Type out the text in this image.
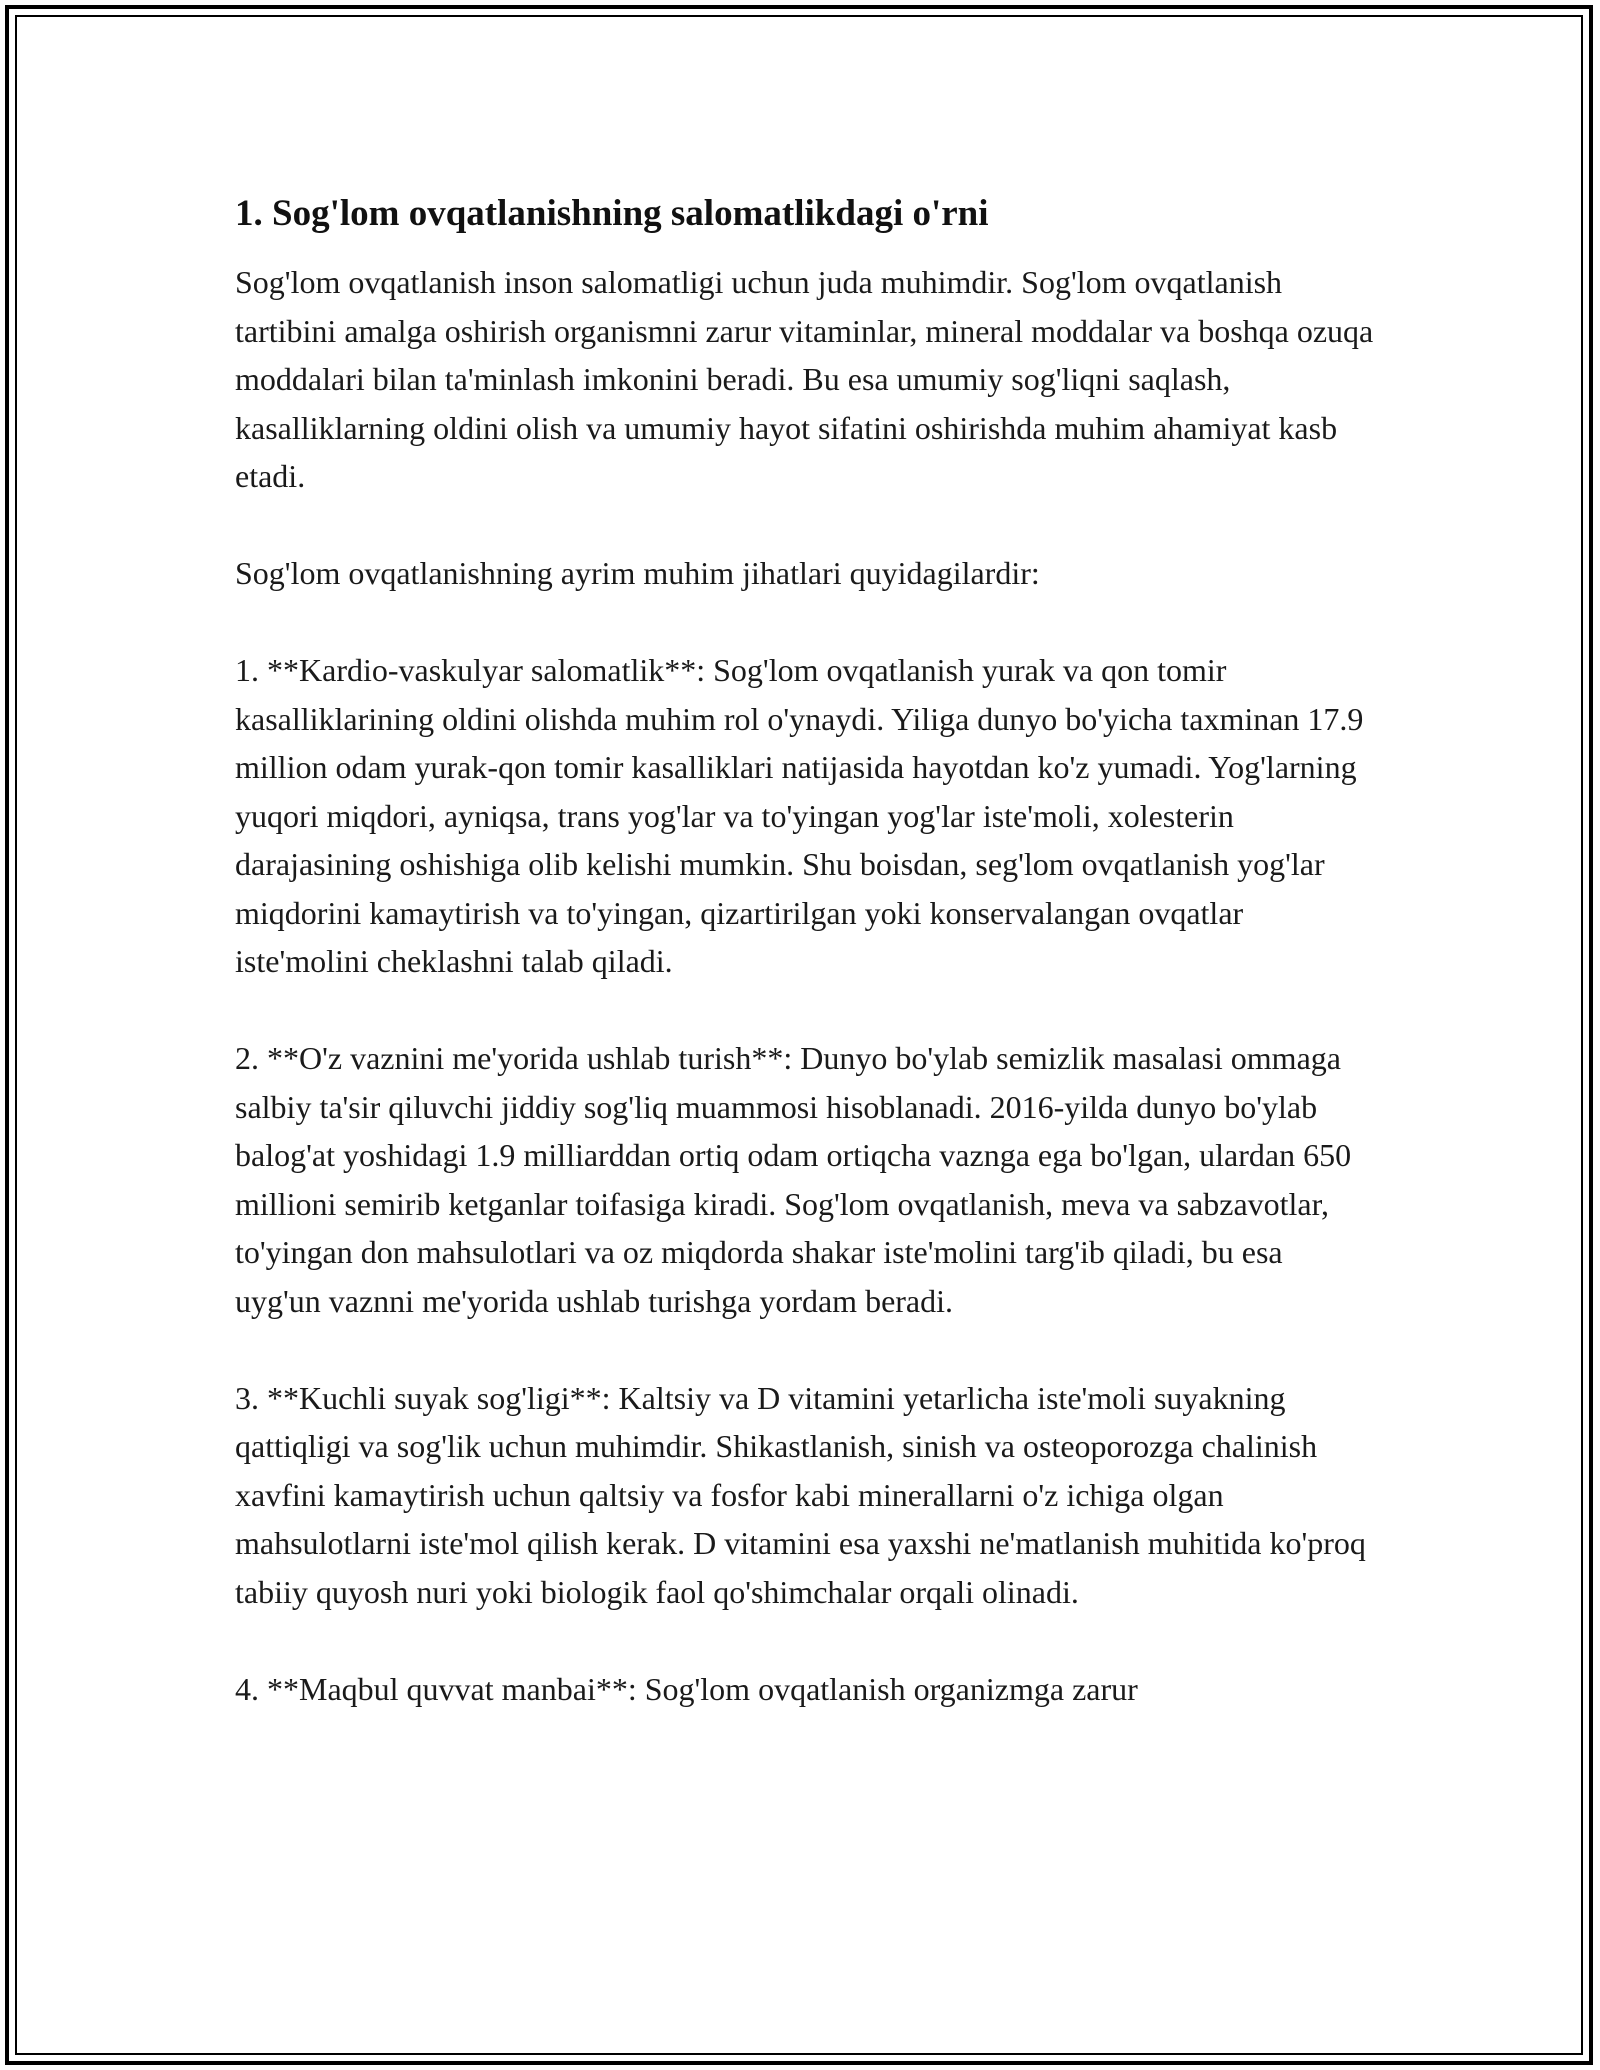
1. Sog'lom ovqatlanishning salomatlikdagi o'rni

Sog'lom ovqatlanish inson salomatligi uchun juda muhimdir. Sog'lom ovqatlanish tartibini amalga oshirish organismni zarur vitaminlar, mineral moddalar va boshqa ozuqa moddalari bilan ta'minlash imkonini beradi. Bu esa umumiy sog'liqni saqlash, kasalliklarning oldini olish va umumiy hayot sifatini oshirishda muhim ahamiyat kasb etadi.

Sog'lom ovqatlanishning ayrim muhim jihatlari quyidagilardir:

1. **Kardio-vaskulyar salomatlik**: Sog'lom ovqatlanish yurak va qon tomir kasalliklarining oldini olishda muhim rol o'ynaydi. Yiliga dunyo bo'yicha taxminan 17.9 million odam yurak-qon tomir kasalliklari natijasida hayotdan ko'z yumadi. Yog'larning yuqori miqdori, ayniqsa, trans yog'lar va to'yingan yog'lar iste'moli, xolesterin darajasining oshishiga olib kelishi mumkin. Shu boisdan, seg'lom ovqatlanish yog'lar miqdorini kamaytirish va to'yingan, qizartirilgan yoki konservalangan ovqatlar iste'molini cheklashni talab qiladi.

2. **O'z vaznini me'yorida ushlab turish**: Dunyo bo'ylab semizlik masalasi ommaga salbiy ta'sir qiluvchi jiddiy sog'liq muammosi hisoblanadi. 2016-yilda dunyo bo'ylab balog'at yoshidagi 1.9 milliarddan ortiq odam ortiqcha vaznga ega bo'lgan, ulardan 650 millioni semirib ketganlar toifasiga kiradi. Sog'lom ovqatlanish, meva va sabzavotlar, to'yingan don mahsulotlari va oz miqdorda shakar iste'molini targ'ib qiladi, bu esa uyg'un vaznni me'yorida ushlab turishga yordam beradi.

3. **Kuchli suyak sog'ligi**: Kaltsiy va D vitamini yetarlicha iste'moli suyakning qattiqligi va sog'lik uchun muhimdir. Shikastlanish, sinish va osteoporozga chalinish xavfini kamaytirish uchun qaltsiy va fosfor kabi minerallarni o'z ichiga olgan mahsulotlarni iste'mol qilish kerak. D vitamini esa yaxshi ne'matlanish muhitida ko'proq tabiiy quyosh nuri yoki biologik faol qo'shimchalar orqali olinadi.

4. **Maqbul quvvat manbai**: Sog'lom ovqatlanish organizmga zarur
